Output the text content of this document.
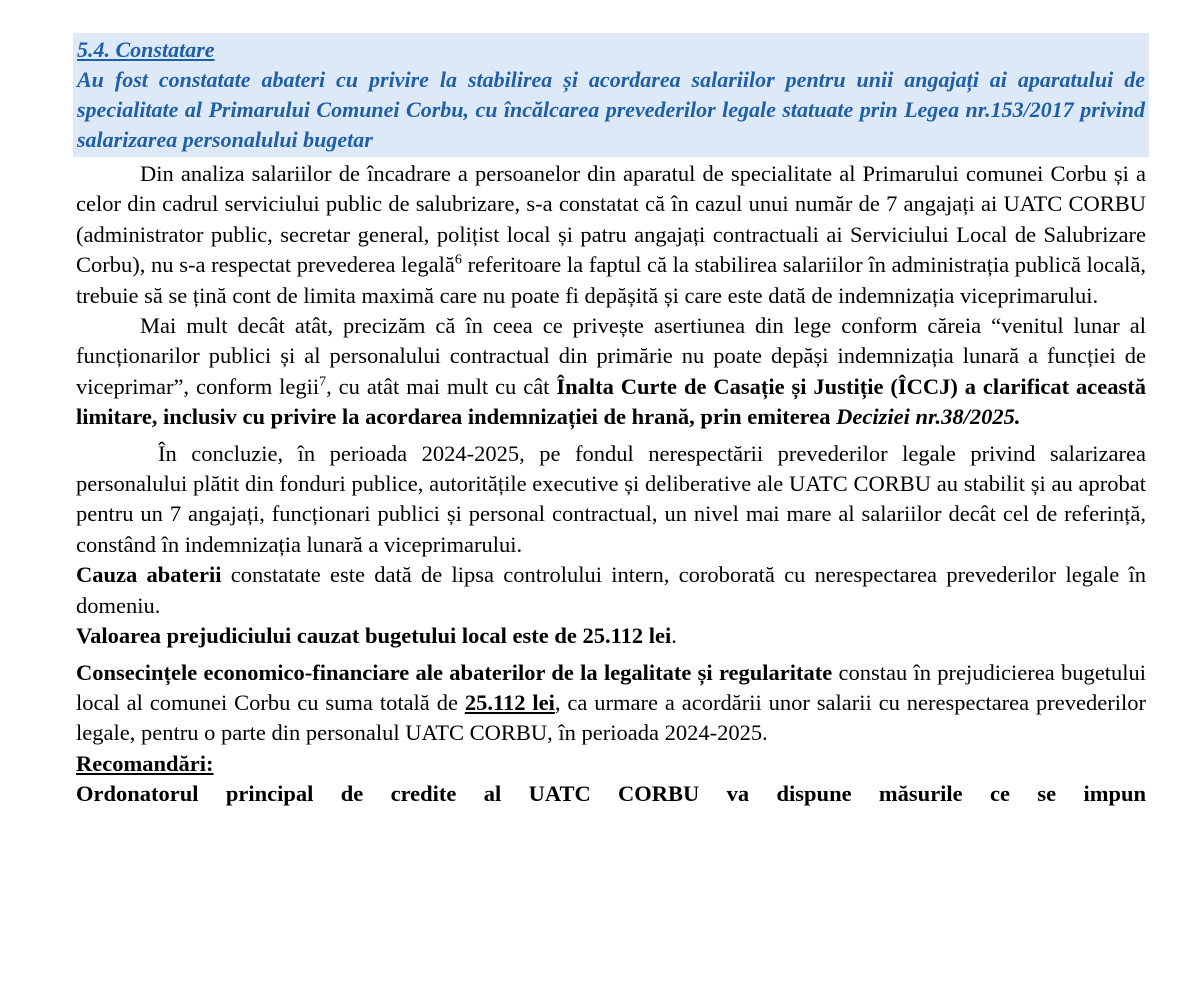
5.4. Constatare
Au fost constatate abateri cu privire la stabilirea și acordarea salariilor pentru unii angajați ai aparatului de specialitate al Primarului Comunei Corbu, cu încălcarea prevederilor legale statuate prin Legea nr.153/2017 privind salarizarea personalului bugetar

Din analiza salariilor de încadrare a persoanelor din aparatul de specialitate al Primarului comunei Corbu și a celor din cadrul serviciului public de salubrizare, s-a constatat că în cazul unui număr de 7 angajați ai UATC CORBU (administrator public, secretar general, polițist local și patru angajați contractuali ai Serviciului Local de Salubrizare Corbu), nu s-a respectat prevederea legală$^6$ referitoare la faptul că la stabilirea salariilor în administrația publică locală, trebuie să se țină cont de limita maximă care nu poate fi depășită și care este dată de indemnizația viceprimarului.

Mai mult decât atât, precizăm că în ceea ce privește asertiunea din lege conform căreia “venitul lunar al funcționarilor publici și al personalului contractual din primărie nu poate depăși indemnizația lunară a funcției de viceprimar”, conform legii$^7$, cu atât mai mult cu cât Înalta Curte de Casație și Justiție (ÎCCJ) a clarificat această limitare, inclusiv cu privire la acordarea indemnizației de hrană, prin emiterea Deciziei nr.38/2025.

În concluzie, în perioada 2024-2025, pe fondul nerespectării prevederilor legale privind salarizarea personalului plătit din fonduri publice, autoritățile executive și deliberative ale UATC CORBU au stabilit și au aprobat pentru un 7 angajați, funcționari publici și personal contractual, un nivel mai mare al salariilor decât cel de referință, constând în indemnizația lunară a viceprimarului.

Cauza abaterii constatate este dată de lipsa controlului intern, coroborată cu nerespectarea prevederilor legale în domeniu.

Valoarea prejudiciului cauzat bugetului local este de 25.112 lei.

Consecințele economico-financiare ale abaterilor de la legalitate și regularitate constau în prejudicierea bugetului local al comunei Corbu cu suma totală de 25.112 lei, ca urmare a acordării unor salarii cu nerespectarea prevederilor legale, pentru o parte din personalul UATC CORBU, în perioada 2024-2025.

Recomandări:

Ordonatorul principal de credite al UATC CORBU va dispune măsurile ce se impun
